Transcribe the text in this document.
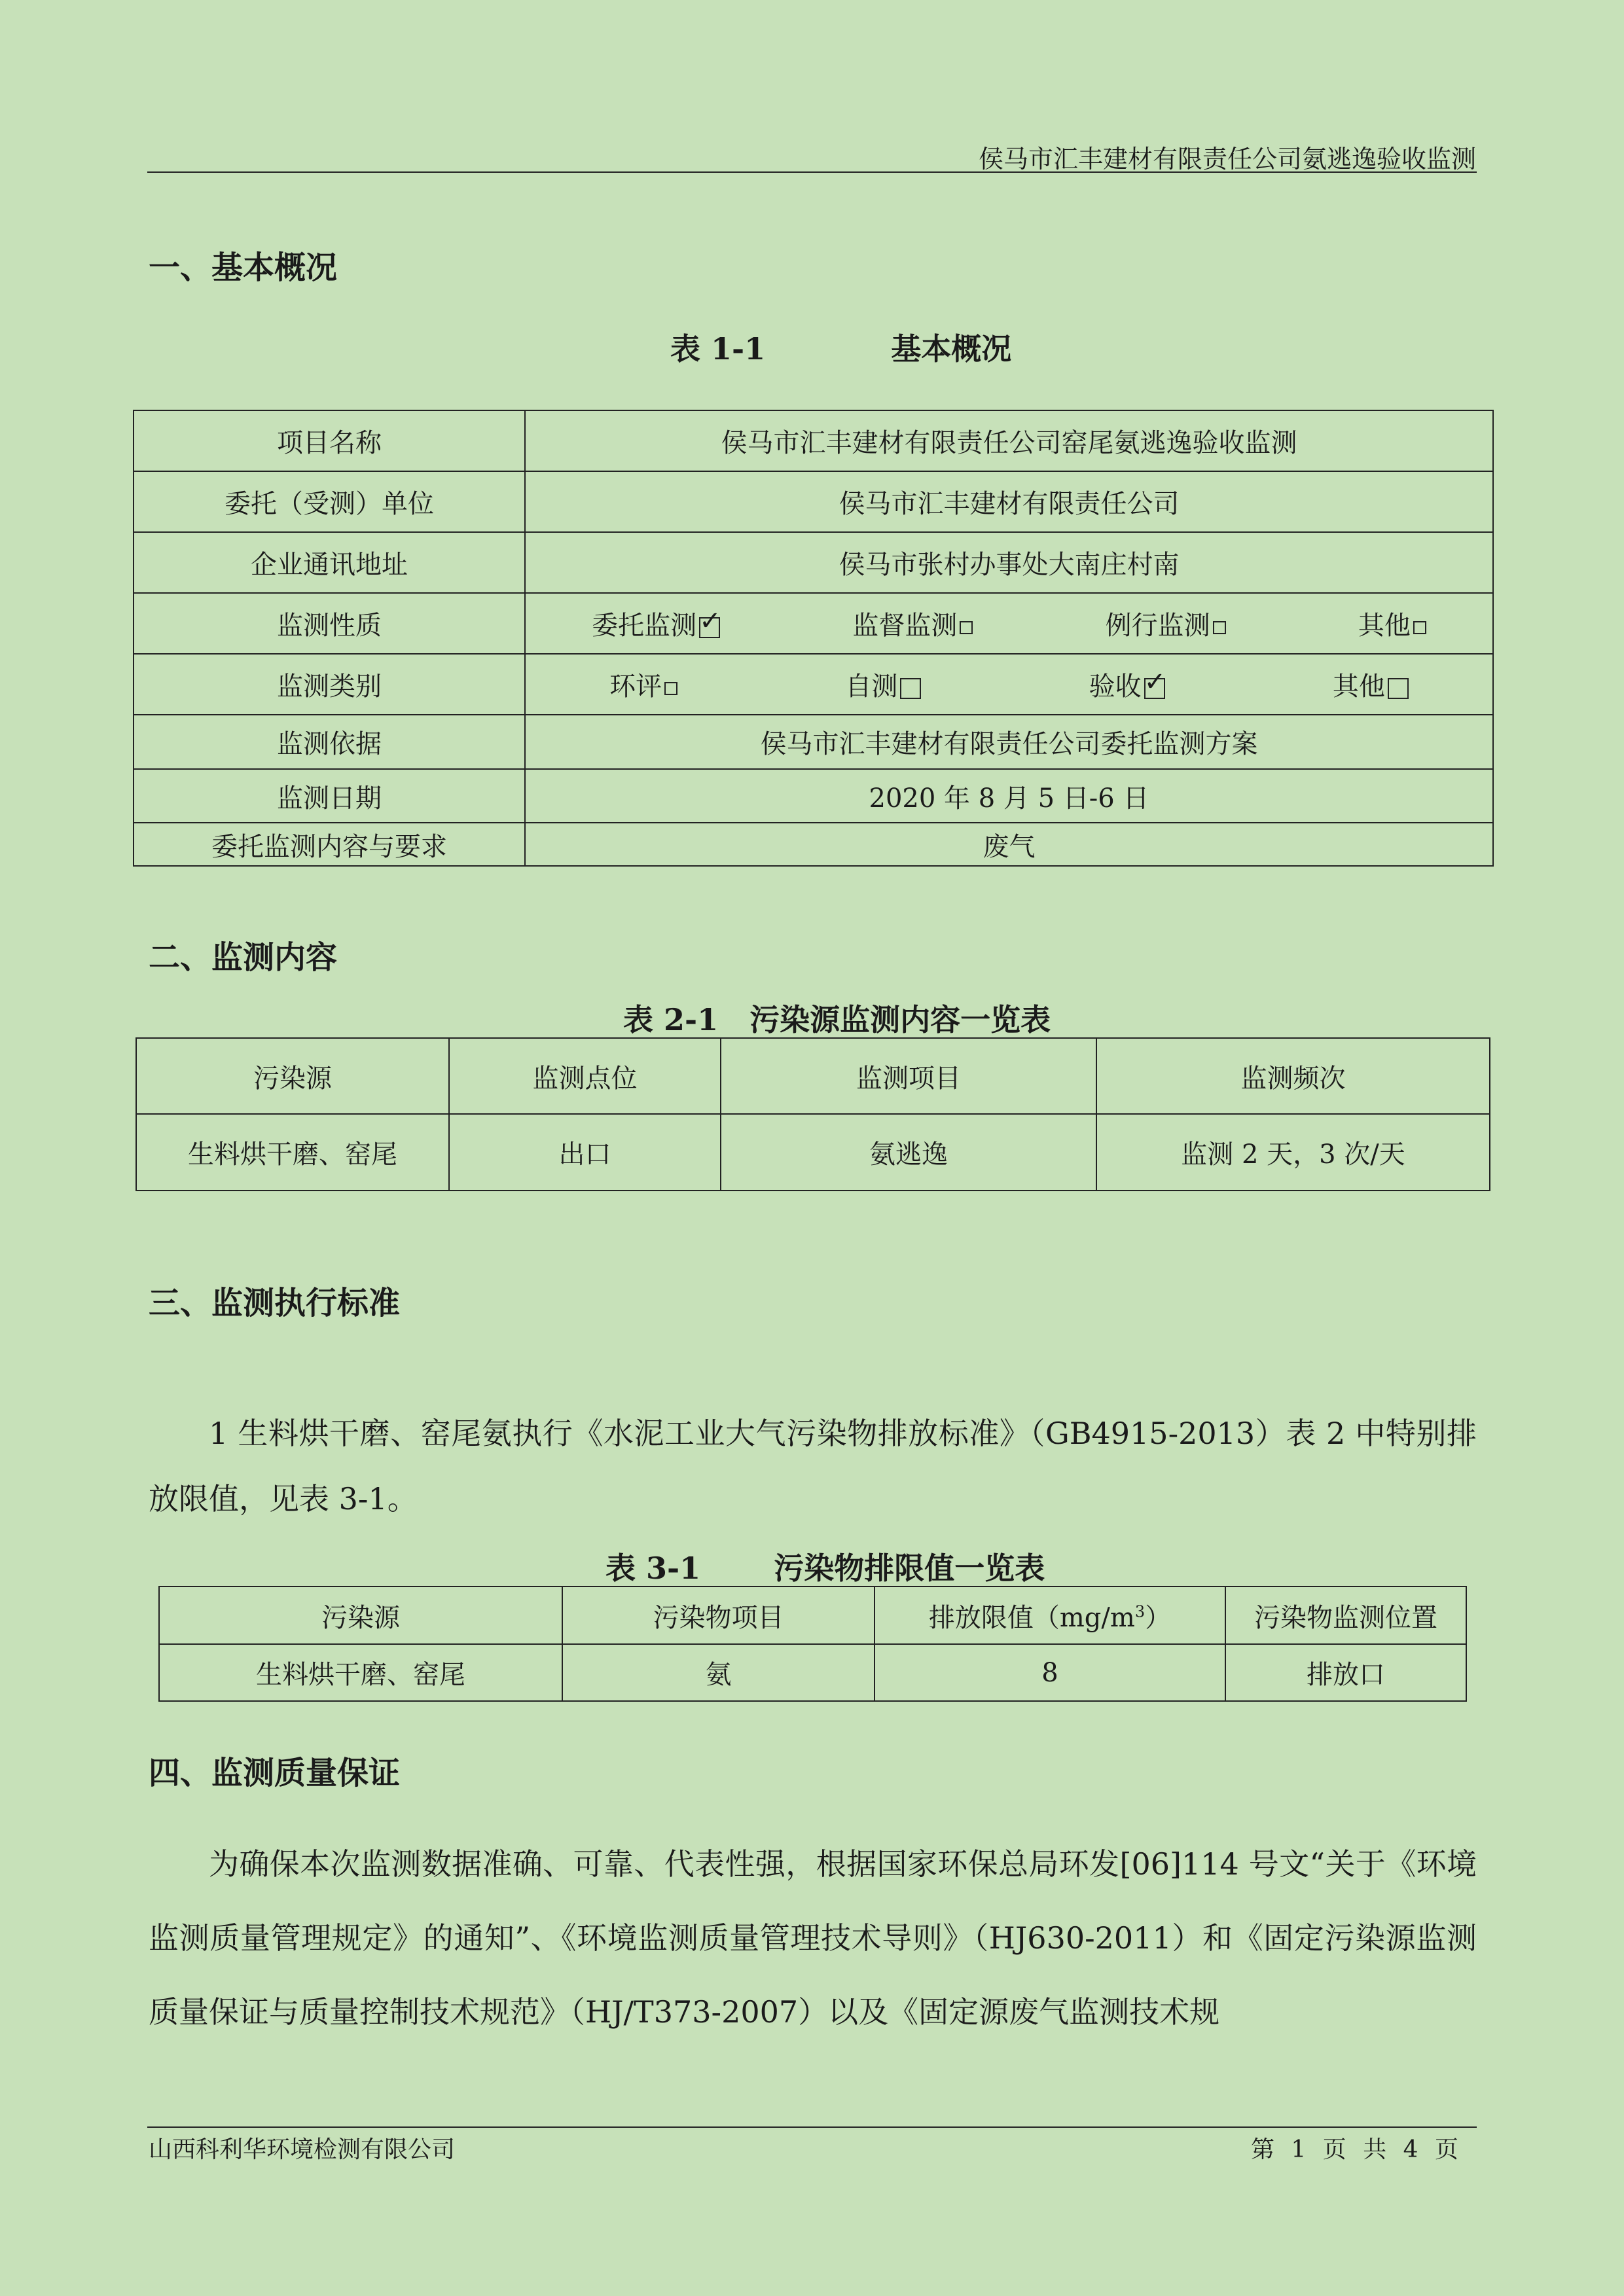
侯马市汇丰建材有限责任公司氨逃逸验收监测
一、基本概况
表 1-1            基本概况
项目名称	侯马市汇丰建材有限责任公司窑尾氨逃逸验收监测
委托（受测）单位	侯马市汇丰建材有限责任公司
企业通讯地址	侯马市张村办事处大南庄村南
监测性质	委托监测 ✓ 监督监测 例行监测 其他

监测类别	环评 自测 验收 ✓ 其他

监测依据	侯马市汇丰建材有限责任公司委托监测方案
监测日期	2020 年 8 月 5 日-6 日
委托监测内容与要求	废气
二、监测内容
表 2-1   污染源监测内容一览表
污染源	监测点位	监测项目	监测频次
生料烘干磨、窑尾	出口	氨逃逸	监测 2 天，3 次/天
三、监测执行标准
1 生料烘干磨、窑尾氨执行《水泥工业大气污染物排放标准》（GB4915-2013）表 2 中特别排放限值，见表 3-1。
表 3-1       污染物排限值一览表
污染源	污染物项目	排放限值$(mg/m^3)$	污染物监测位置
生料烘干磨、窑尾	氨	8	排放口
四、监测质量保证
为确保本次监测数据准确、可靠、代表性强，根据国家环保总局环发[06]114 号文“关于《环境监测质量管理规定》的通知”、《环境监测质量管理技术导则》（HJ630-2011）和《固定污染源监测质量保证与质量控制技术规范》（HJ/T373-2007）以及《固定源废气监测技术规
山西科利华环境检测有限公司	第 1 页 共 4 页
